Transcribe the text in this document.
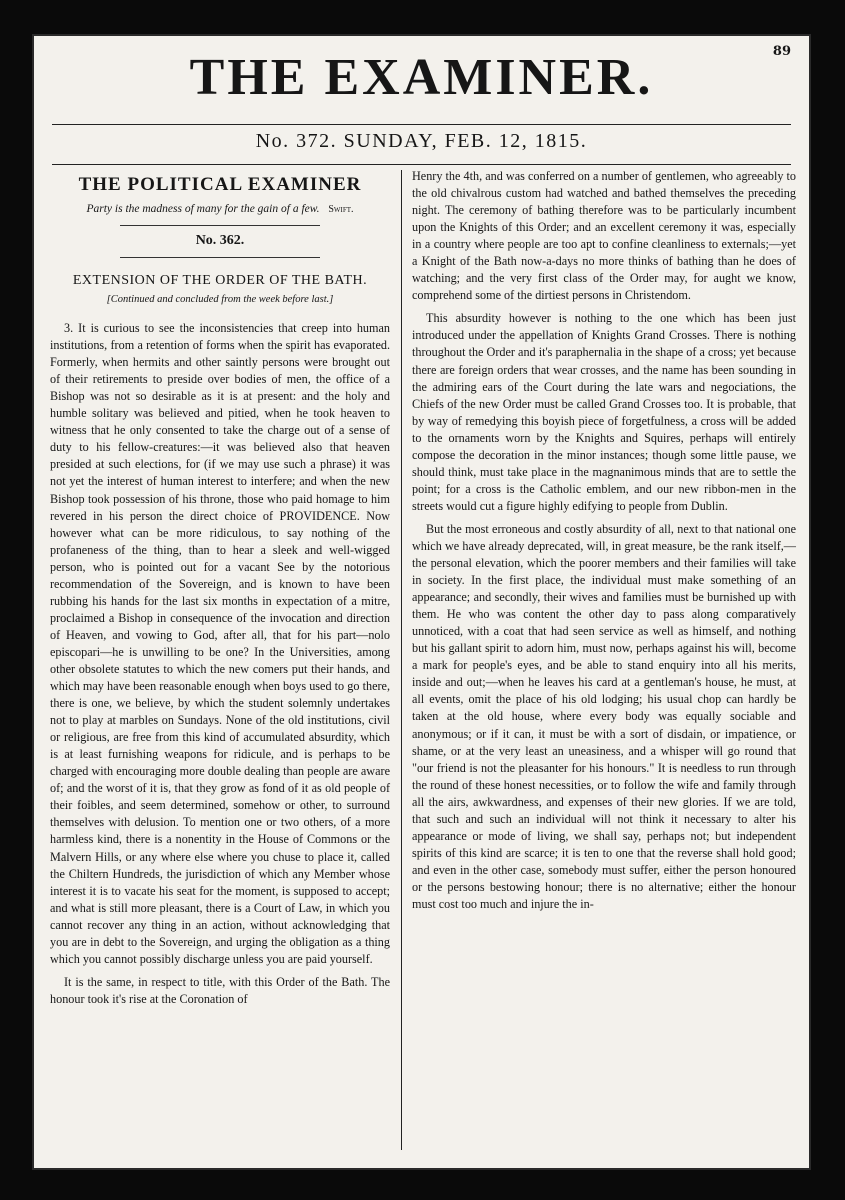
89
THE EXAMINER.
No. 372. SUNDAY, FEB. 12, 1815.
THE POLITICAL EXAMINER
Party is the madness of many for the gain of a few. Swift.
No. 362.
EXTENSION OF THE ORDER OF THE BATH.
[Continued and concluded from the week before last.]

3. It is curious to see the inconsistencies that creep into human institutions, from a retention of forms when the spirit has evaporated. Formerly, when hermits and other saintly persons were brought out of their retirements to preside over bodies of men, the office of a Bishop was not so desirable as it is at present: and the holy and humble solitary was believed and pitied, when he took heaven to witness that he only consented to take the charge out of a sense of duty to his fellow-creatures:—it was believed also that heaven presided at such elections, for (if we may use such a phrase) it was not yet the interest of human interest to interfere; and when the new Bishop took possession of his throne, those who paid homage to him revered in his person the direct choice of PROVIDENCE. Now however what can be more ridiculous, to say nothing of the profaneness of the thing, than to hear a sleek and well-wigged person, who is pointed out for a vacant See by the notorious recommendation of the Sovereign, and is known to have been rubbing his hands for the last six months in expectation of a mitre, proclaimed a Bishop in consequence of the invocation and direction of Heaven, and vowing to God, after all, that for his part—nolo episcopari—he is unwilling to be one? In the Universities, among other obsolete statutes to which the new comers put their hands, and which may have been reasonable enough when boys used to go there, there is one, we believe, by which the student solemnly undertakes not to play at marbles on Sundays. None of the old institutions, civil or religious, are free from this kind of accumulated absurdity, which is at least furnishing weapons for ridicule, and is perhaps to be charged with encouraging more double dealing than people are aware of; and the worst of it is, that they grow as fond of it as old people of their foibles, and seem determined, somehow or other, to surround themselves with delusion. To mention one or two others, of a more harmless kind, there is a nonentity in the House of Commons or the Malvern Hills, or any where else where you chuse to place it, called the Chiltern Hundreds, the jurisdiction of which any Member whose interest it is to vacate his seat for the moment, is supposed to accept; and what is still more pleasant, there is a Court of Law, in which you cannot recover any thing in an action, without acknowledging that you are in debt to the Sovereign, and urging the obligation as a thing which you cannot possibly discharge unless you are paid yourself.

It is the same, in respect to title, with this Order of the Bath. The honour took it's rise at the Coronation of

Henry the 4th, and was conferred on a number of gentlemen, who agreeably to the old chivalrous custom had watched and bathed themselves the preceding night. The ceremony of bathing therefore was to be particularly incumbent upon the Knights of this Order; and an excellent ceremony it was, especially in a country where people are too apt to confine cleanliness to externals;—yet a Knight of the Bath now-a-days no more thinks of bathing than he does of watching; and the very first class of the Order may, for aught we know, comprehend some of the dirtiest persons in Christendom.

This absurdity however is nothing to the one which has been just introduced under the appellation of Knights Grand Crosses. There is nothing throughout the Order and it's paraphernalia in the shape of a cross; yet because there are foreign orders that wear crosses, and the name has been sounding in the admiring ears of the Court during the late wars and negociations, the Chiefs of the new Order must be called Grand Crosses too. It is probable, that by way of remedying this boyish piece of forgetfulness, a cross will be added to the ornaments worn by the Knights and Squires, perhaps will entirely compose the decoration in the minor instances; though some little pause, we should think, must take place in the magnanimous minds that are to settle the point; for a cross is the Catholic emblem, and our new ribbon-men in the streets would cut a figure highly edifying to people from Dublin.

But the most erroneous and costly absurdity of all, next to that national one which we have already deprecated, will, in great measure, be the rank itself,—the personal elevation, which the poorer members and their families will take in society. In the first place, the individual must make something of an appearance; and secondly, their wives and families must be burnished up with them. He who was content the other day to pass along comparatively unnoticed, with a coat that had seen service as well as himself, and nothing but his gallant spirit to adorn him, must now, perhaps against his will, become a mark for people's eyes, and be able to stand enquiry into all his merits, inside and out;—when he leaves his card at a gentleman's house, he must, at all events, omit the place of his old lodging; his usual chop can hardly be taken at the old house, where every body was equally sociable and anonymous; or if it can, it must be with a sort of disdain, or impatience, or shame, or at the very least an uneasiness, and a whisper will go round that "our friend is not the pleasanter for his honours." It is needless to run through the round of these honest necessities, or to follow the wife and family through all the airs, awkwardness, and expenses of their new glories. If we are told, that such and such an individual will not think it necessary to alter his appearance or mode of living, we shall say, perhaps not; but independent spirits of this kind are scarce; it is ten to one that the reverse shall hold good; and even in the other case, somebody must suffer, either the person honoured or the persons bestowing honour; there is no alternative; either the honour must cost too much and injure the in-
